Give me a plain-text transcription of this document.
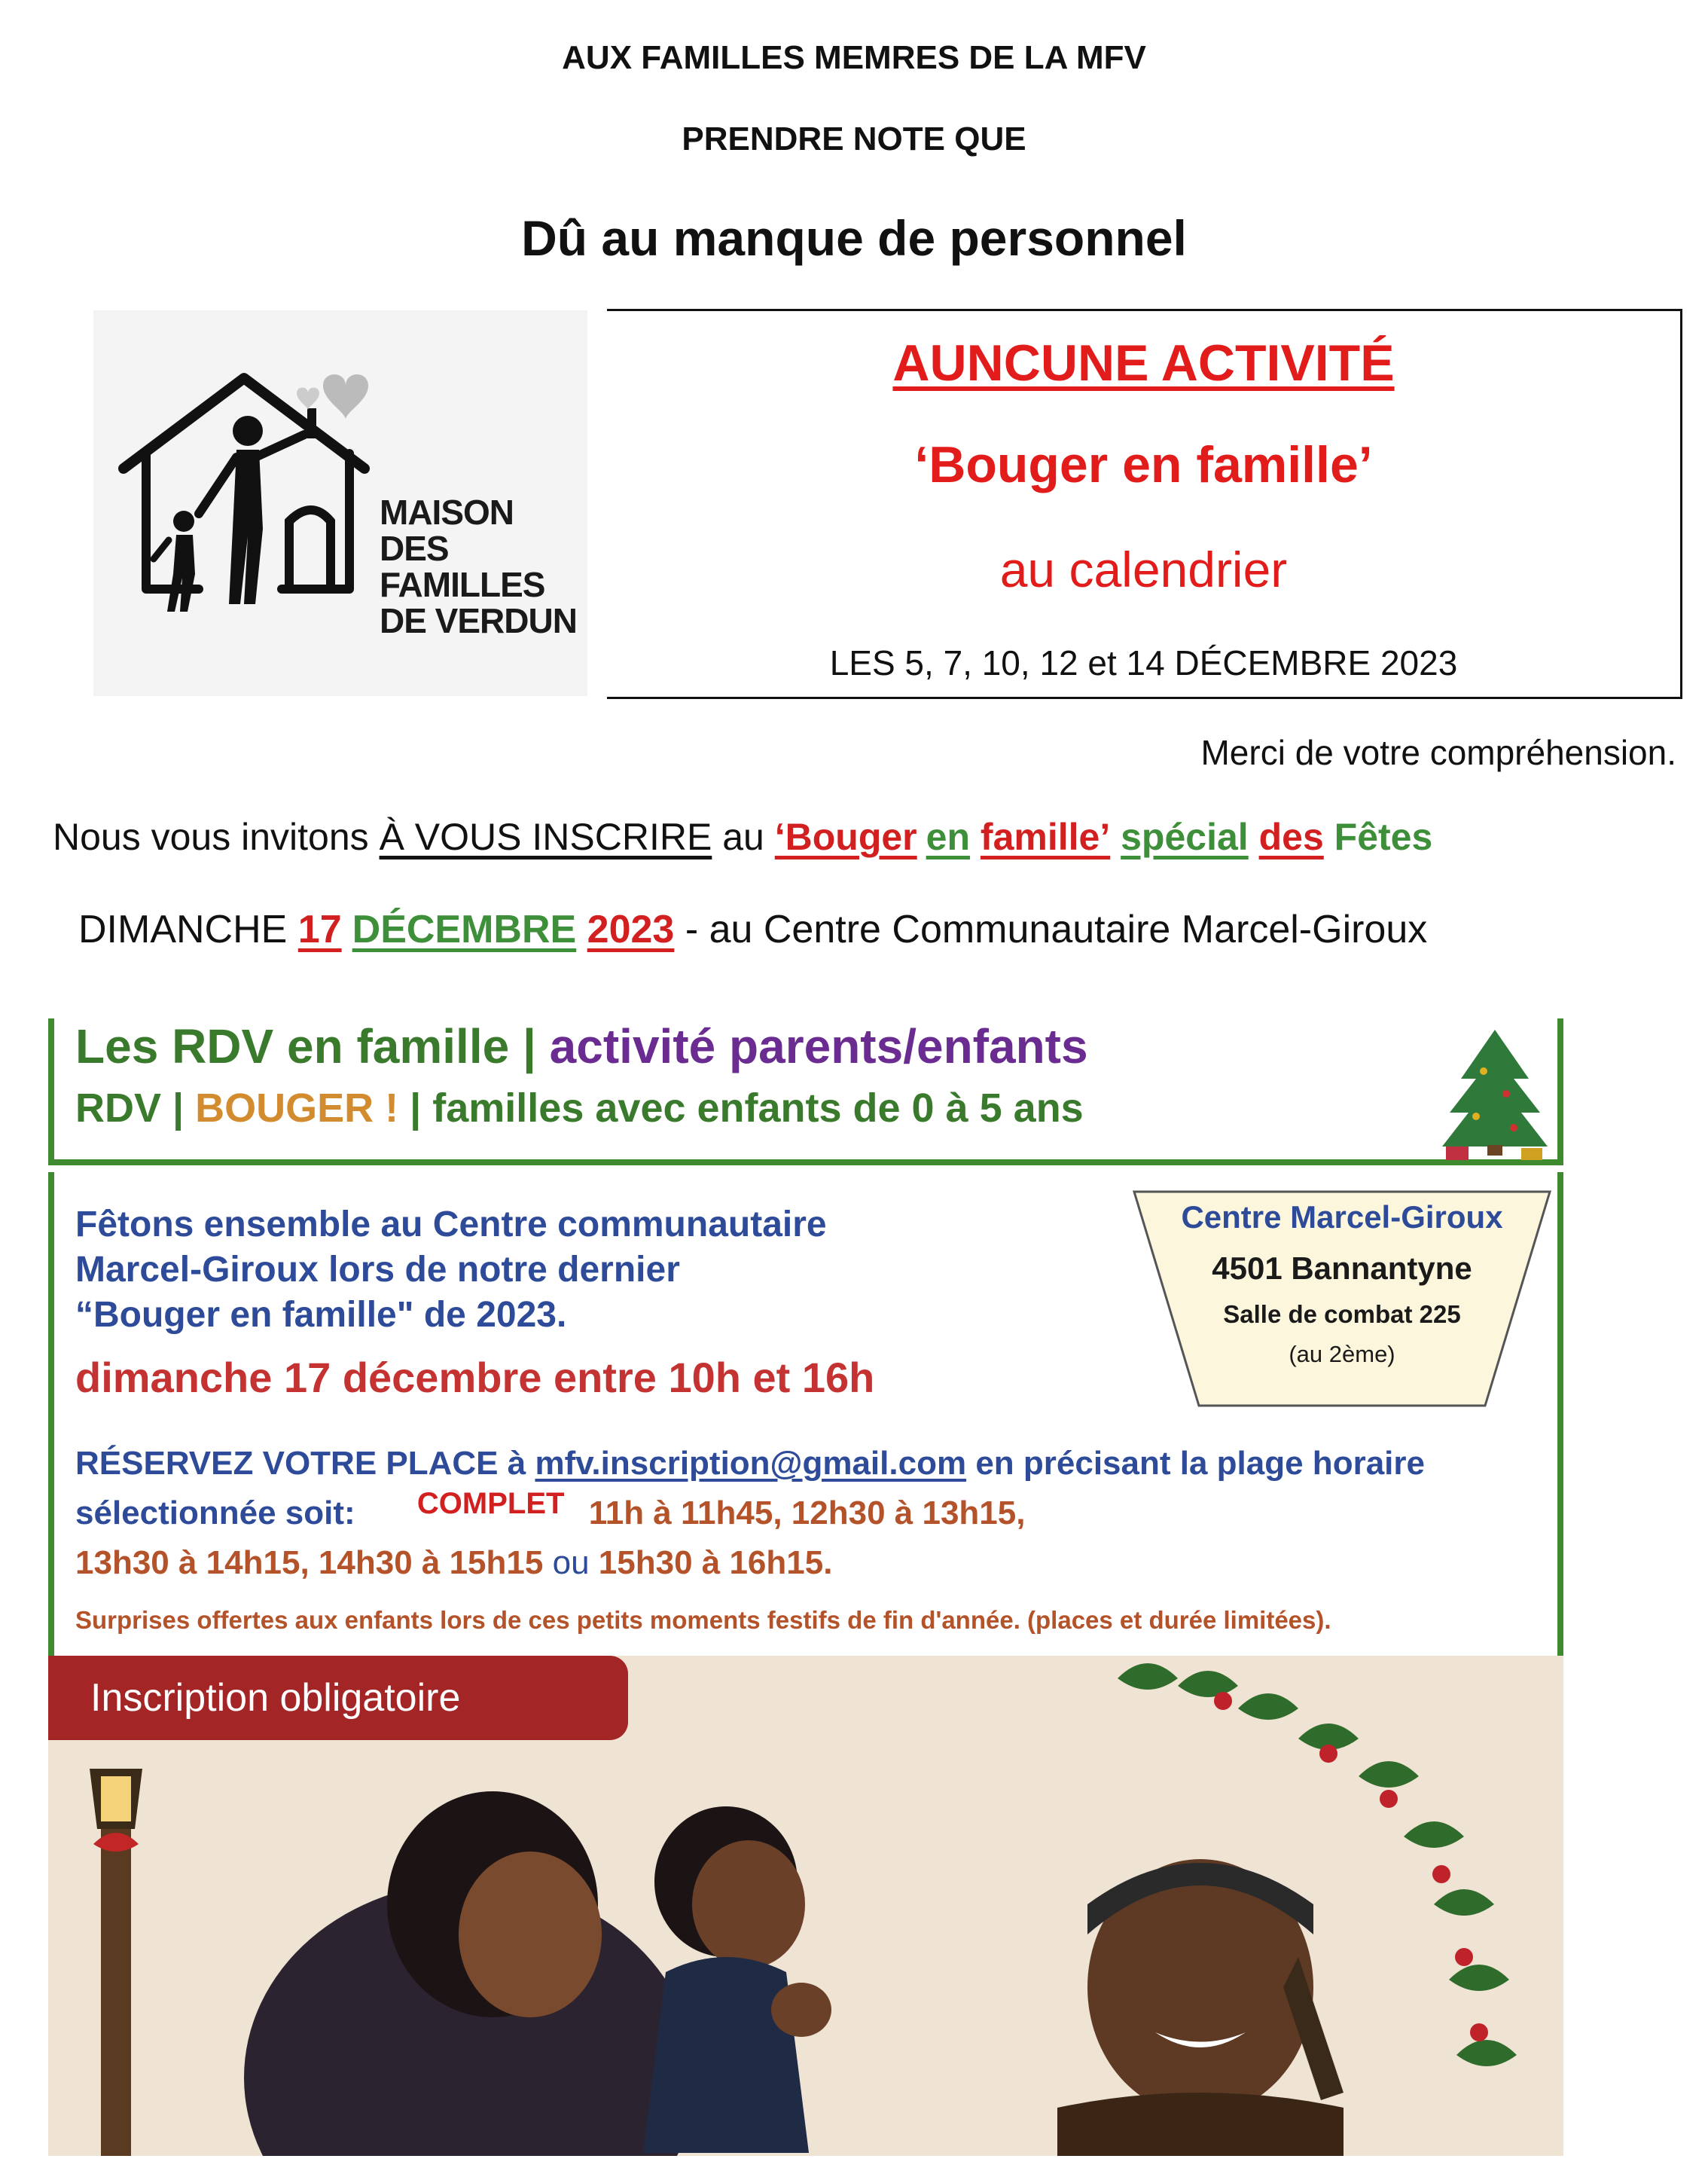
AUX FAMILLES MEMRES DE LA MFV
PRENDRE NOTE QUE
Dû au manque de personnel
MAISON DES
FAMILLES
DE VERDUN
AUNCUNE ACTIVITÉ
‘Bouger en famille’
au calendrier
LES 5, 7, 10, 12 et 14 DÉCEMBRE 2023
Merci de votre compréhension.
Nous vous invitons À VOUS INSCRIRE au ‘Bouger en famille’ spécial des Fêtes
DIMANCHE 17 DÉCEMBRE 2023 - au Centre Communautaire Marcel-Giroux
Les RDV en famille | activité parents/enfants
RDV | BOUGER ! | familles avec enfants de 0 à 5 ans
Fêtons ensemble au Centre communautaire
Marcel-Giroux lors de notre dernier
“Bouger en famille" de 2023.
dimanche 17 décembre entre 10h et 16h
RÉSERVEZ VOTRE PLACE à mfv.inscription@gmail.com en précisant la plage horaire
sélectionnée soit: COMPLET 11h à 11h45, 12h30 à 13h15,
13h30 à 14h15, 14h30 à 15h15 ou 15h30 à 16h15.
Surprises offertes aux enfants lors de ces petits moments festifs de fin d'année. (places et durée limitées).
Centre Marcel-Giroux
4501 Bannantyne
Salle de combat 225
(au 2ème)
Inscription obligatoire
